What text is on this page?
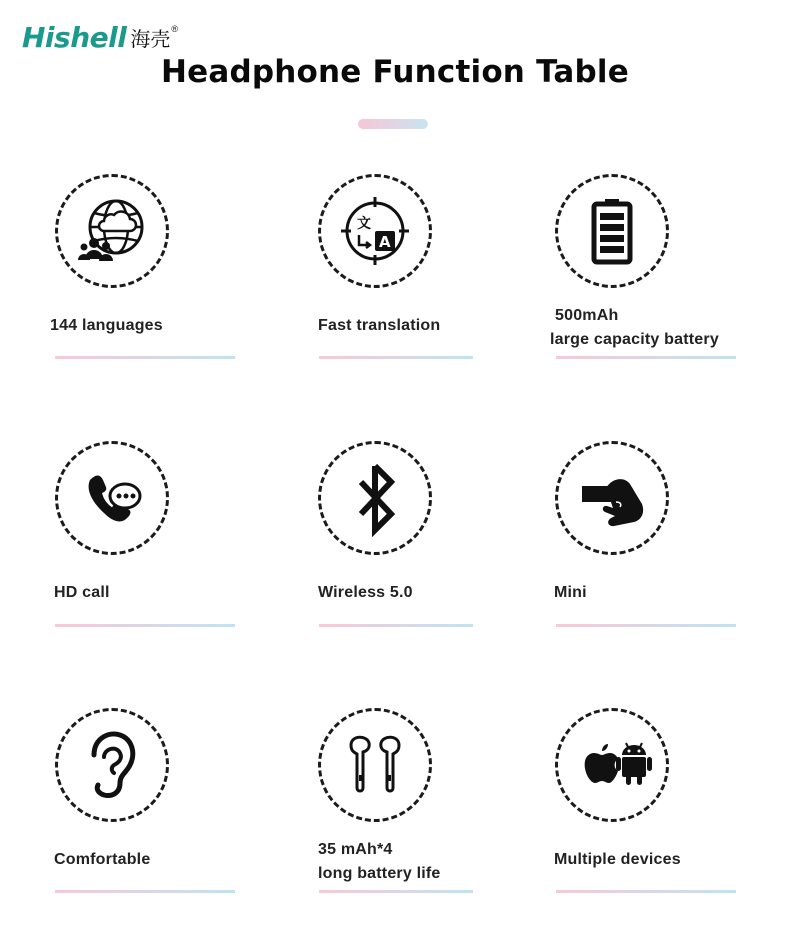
Hishell 海壳 ®
Headphone Function Table
144 languages
文
A
Fast translation
500mAh
large capacity battery
HD call	Wireless 5.0	Mini
Comfortable
35 mAh*4
long battery life
Multiple devices
